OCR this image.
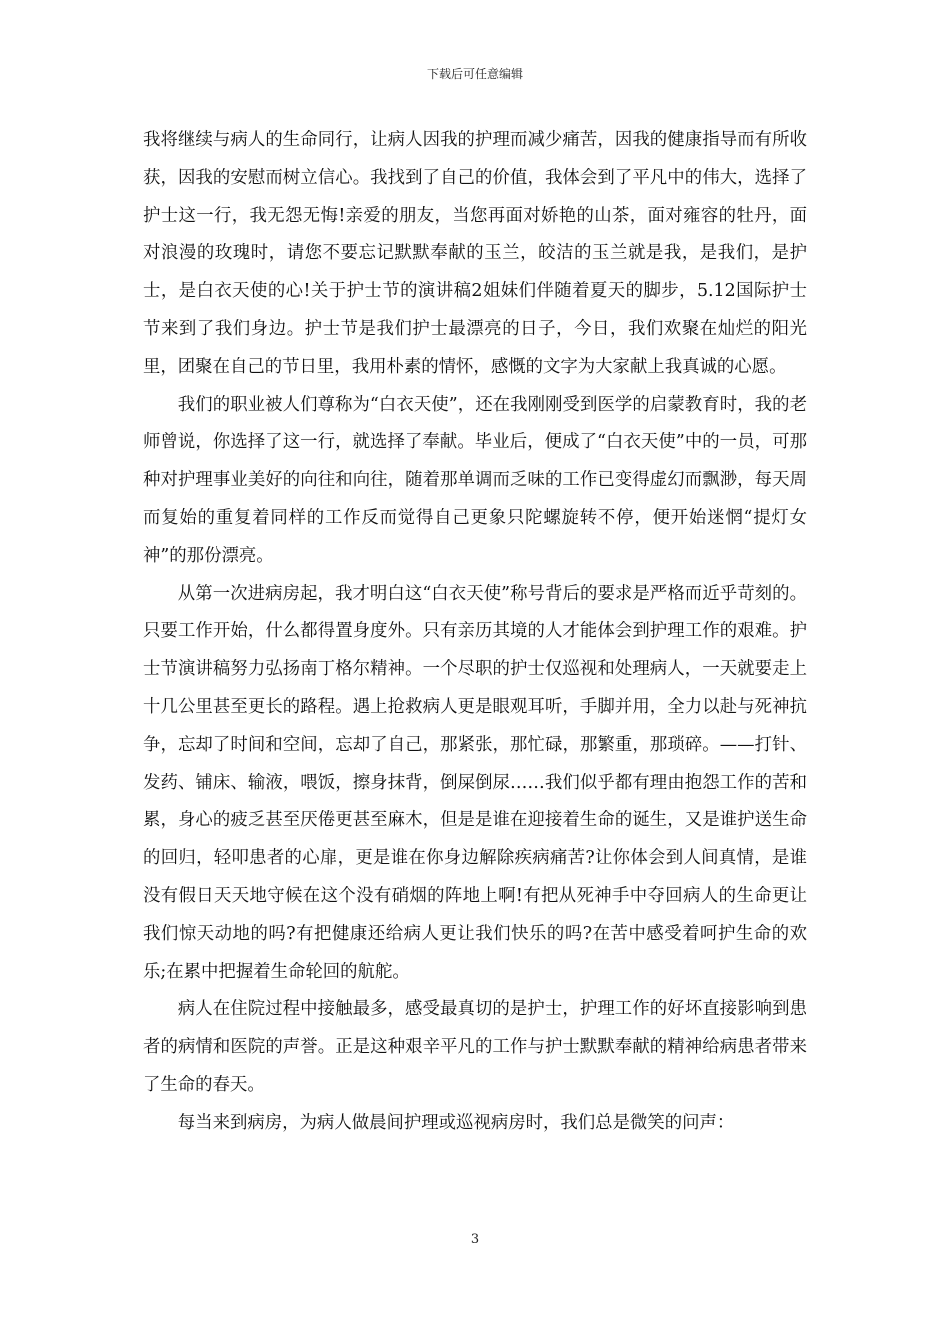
下载后可任意编辑

我将继续与病人的生命同行，让病人因我的护理而减少痛苦，因我的健康指导而有所收获，因我的安慰而树立信心。我找到了自己的价值，我体会到了平凡中的伟大，选择了护士这一行，我无怨无悔!亲爱的朋友，当您再面对娇艳的山茶，面对雍容的牡丹，面对浪漫的玫瑰时，请您不要忘记默默奉献的玉兰，皎洁的玉兰就是我，是我们，是护士，是白衣天使的心!关于护士节的演讲稿2姐妹们伴随着夏天的脚步，5.12国际护士节来到了我们身边。护士节是我们护士最漂亮的日子，今日，我们欢聚在灿烂的阳光里，团聚在自己的节日里，我用朴素的情怀，感慨的文字为大家献上我真诚的心愿。

我们的职业被人们尊称为“白衣天使”，还在我刚刚受到医学的启蒙教育时，我的老师曾说，你选择了这一行，就选择了奉献。毕业后，便成了“白衣天使”中的一员，可那种对护理事业美好的向往和向往，随着那单调而乏味的工作已变得虚幻而飘渺，每天周而复始的重复着同样的工作反而觉得自己更象只陀螺旋转不停，便开始迷惘“提灯女神”的那份漂亮。

从第一次进病房起，我才明白这“白衣天使”称号背后的要求是严格而近乎苛刻的。只要工作开始，什么都得置身度外。只有亲历其境的人才能体会到护理工作的艰难。护士节演讲稿努力弘扬南丁格尔精神。一个尽职的护士仅巡视和处理病人，一天就要走上十几公里甚至更长的路程。遇上抢救病人更是眼观耳听，手脚并用，全力以赴与死神抗争，忘却了时间和空间，忘却了自己，那紧张，那忙碌，那繁重，那琐碎。——打针、发药、铺床、输液，喂饭，擦身抹背，倒屎倒尿……我们似乎都有理由抱怨工作的苦和累，身心的疲乏甚至厌倦更甚至麻木，但是是谁在迎接着生命的诞生，又是谁护送生命的回归，轻叩患者的心扉，更是谁在你身边解除疾病痛苦?让你体会到人间真情，是谁没有假日天天地守候在这个没有硝烟的阵地上啊!有把从死神手中夺回病人的生命更让我们惊天动地的吗?有把健康还给病人更让我们快乐的吗?在苦中感受着呵护生命的欢乐;在累中把握着生命轮回的航舵。

病人在住院过程中接触最多，感受最真切的是护士，护理工作的好坏直接影响到患者的病情和医院的声誉。正是这种艰辛平凡的工作与护士默默奉献的精神给病患者带来了生命的春天。

每当来到病房，为病人做晨间护理或巡视病房时，我们总是微笑的问声：

3
